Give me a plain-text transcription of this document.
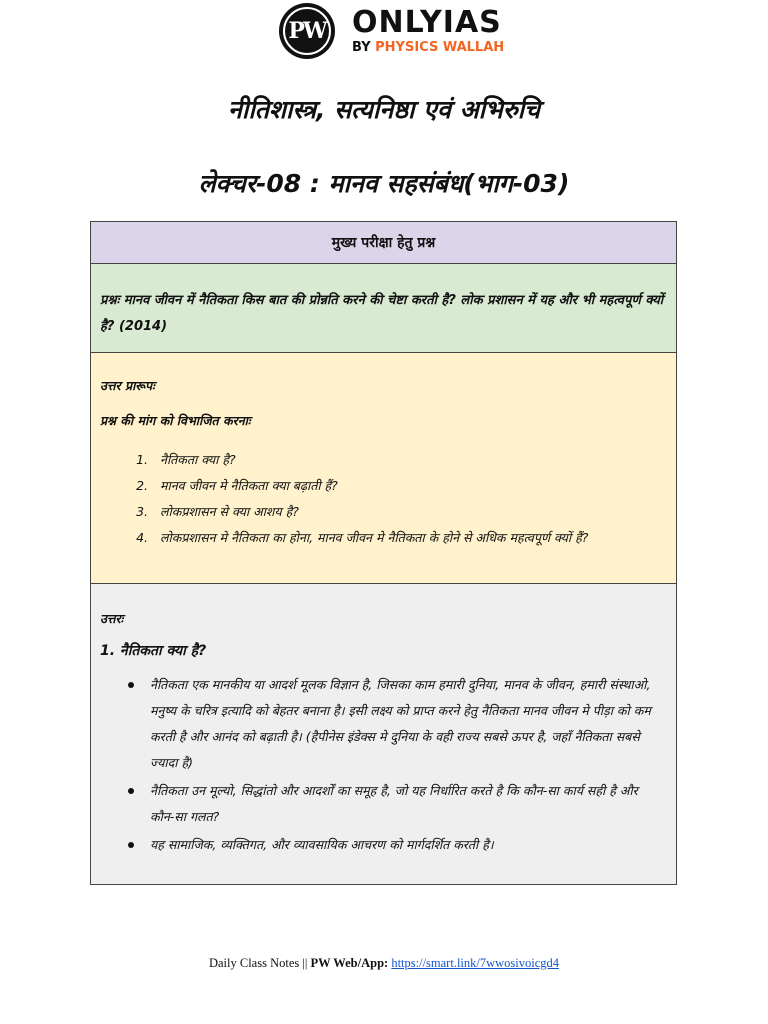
PW ONLYIAS
BY PHYSICS WALLAH
नीतिशास्त्र, सत्यनिष्ठा एवं अभिरुचि
लेक्चर-08 : मानव सहसंबंध(भाग-03)
मुख्य परीक्षा हेतु प्रश्न

प्रश्नः मानव जीवन में नैतिकता किस बात की प्रोन्नति करने की चेष्टा करती है? लोक प्रशासन में यह और भी महत्वपूर्ण क्यों है? (2014)

उत्तर प्रारूपः

प्रश्न की मांग को विभाजित करनाः

1. नैतिकता क्या है?
2. मानव जीवन मे नैतिकता क्या बढ़ाती हैं?
3. लोकप्रशासन से क्या आशय है?
4. लोकप्रशासन मे नैतिकता का होना, मानव जीवन मे नैतिकता के होने से अधिक महत्वपूर्ण क्यों हैं?

उत्तरः

1. नैतिकता क्या है?

नैतिकता एक मानकीय या आदर्श मूलक विज्ञान है, जिसका काम हमारी दुनिया, मानव के जीवन, हमारी संस्थाओ, मनुष्य के चरित्र इत्यादि को बेहतर बनाना है। इसी लक्ष्य को प्राप्त करने हेतु नैतिकता मानव जीवन मे पीड़ा को कम करती है और आनंद को बढ़ाती है। (हैपीनेस इंडेक्स मे दुनिया के वही राज्य सबसे ऊपर है, जहाँ नैतिकता सबसे ज्यादा है)
नैतिकता उन मूल्यो, सिद्धांतो और आदर्शों का समूह है, जो यह निर्धारित करते है कि कौन-सा कार्य सही है और कौन-सा गलत?
यह सामाजिक, व्यक्तिगत, और व्यावसायिक आचरण को मार्गदर्शित करती है।
Daily Class Notes || PW Web/App: https://smart.link/7wwosivoicgd4
